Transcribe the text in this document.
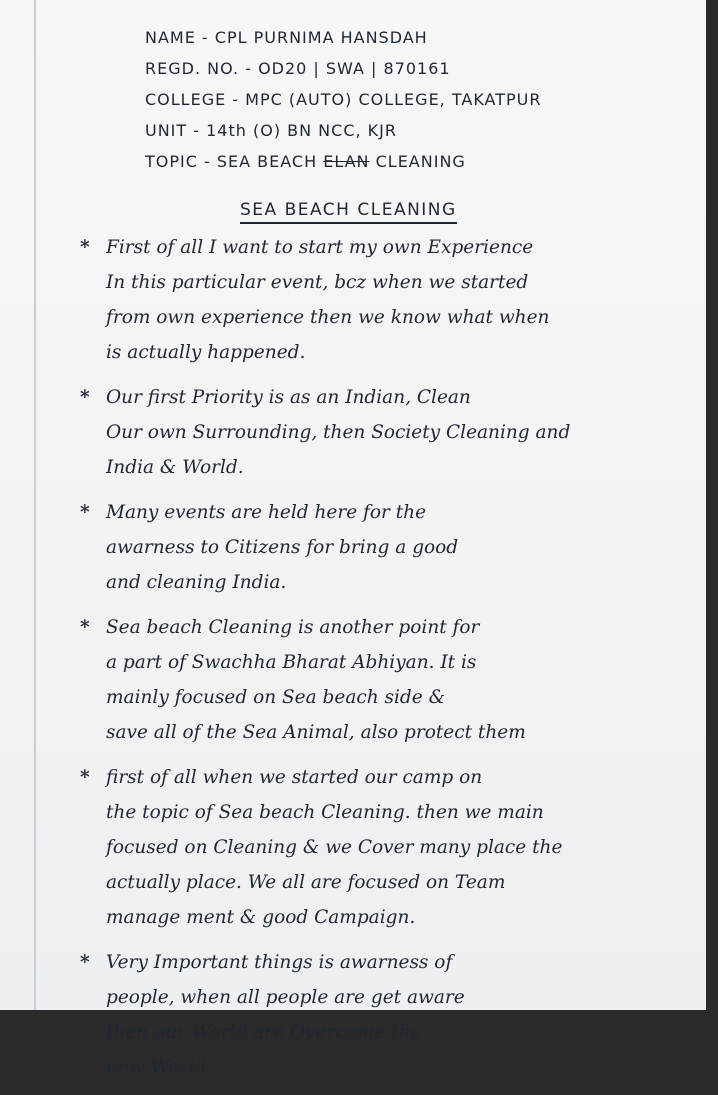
NAME - CPL PURNIMA HANSDAH
REGD. NO. - OD20 | SWA | 870161
COLLEGE - MPC (AUTO) COLLEGE, TAKATPUR
UNIT - 14th (O) BN NCC, KJR
TOPIC - SEA BEACH ELAN CLEANING
SEA BEACH CLEANING
* First of all I want to start my own Experience
In this particular event, bcz when we started
from own experience then we know what when
is actually happened.
* Our first Priority is as an Indian, Clean
Our own Surrounding, then Society Cleaning and
India & World.
* Many events are held here for the
awarness to Citizens for bring a good
and cleaning India.
* Sea beach Cleaning is another point for
a part of Swachha Bharat Abhiyan. It is
mainly focused on Sea beach side &
save all of the Sea Animal, also protect them
* first of all when we started our camp on
the topic of Sea beach Cleaning. then we main
focused on Cleaning & we Cover many place the
actually place. We all are focused on Team
manage ment & good Campaign.
* Very Important things is awarness of
people, when all people are get aware
then our World are Overcome the
new World.
